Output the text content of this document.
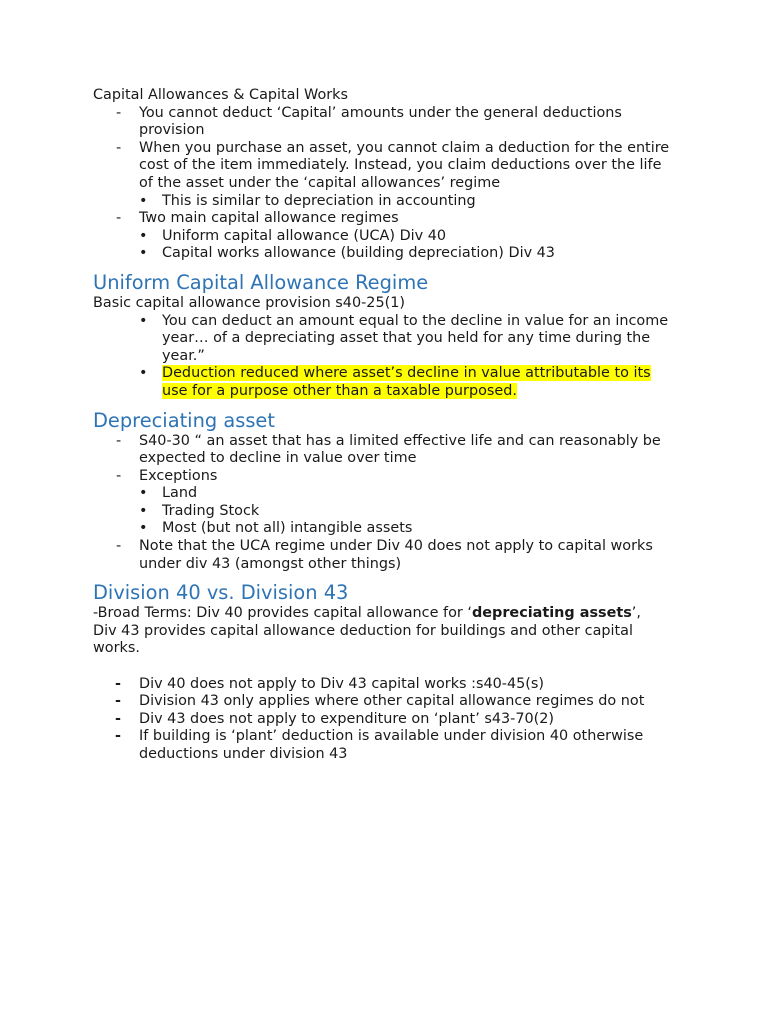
Capital Allowances & Capital Works

- You cannot deduct ‘Capital’ amounts under the general deductions provision
- When you purchase an asset, you cannot claim a deduction for the entire cost of the item immediately. Instead, you claim deductions over the life of the asset under the ‘capital allowances’ regime
• This is similar to depreciation in accounting
- Two main capital allowance regimes
• Uniform capital allowance (UCA) Div 40
• Capital works allowance (building depreciation) Div 43
Uniform Capital Allowance Regime

Basic capital allowance provision s40-25(1)

• You can deduct an amount equal to the decline in value for an income year… of a depreciating asset that you held for any time during the year.”
• Deduction reduced where asset’s decline in value attributable to its use for a purpose other than a taxable purposed.
Depreciating asset
- S40-30 “ an asset that has a limited effective life and can reasonably be expected to decline in value over time
- Exceptions
• Land
• Trading Stock
• Most (but not all) intangible assets
- Note that the UCA regime under Div 40 does not apply to capital works under div 43 (amongst other things)
Division 40 vs. Division 43

-Broad Terms: Div 40 provides capital allowance for ‘depreciating assets’,

Div 43 provides capital allowance deduction for buildings and other capital works.

- Div 40 does not apply to Div 43 capital works :s40-45(s)
- Division 43 only applies where other capital allowance regimes do not
- Div 43 does not apply to expenditure on ‘plant’ s43-70(2)
- If building is ‘plant’ deduction is available under division 40 otherwise deductions under division 43
